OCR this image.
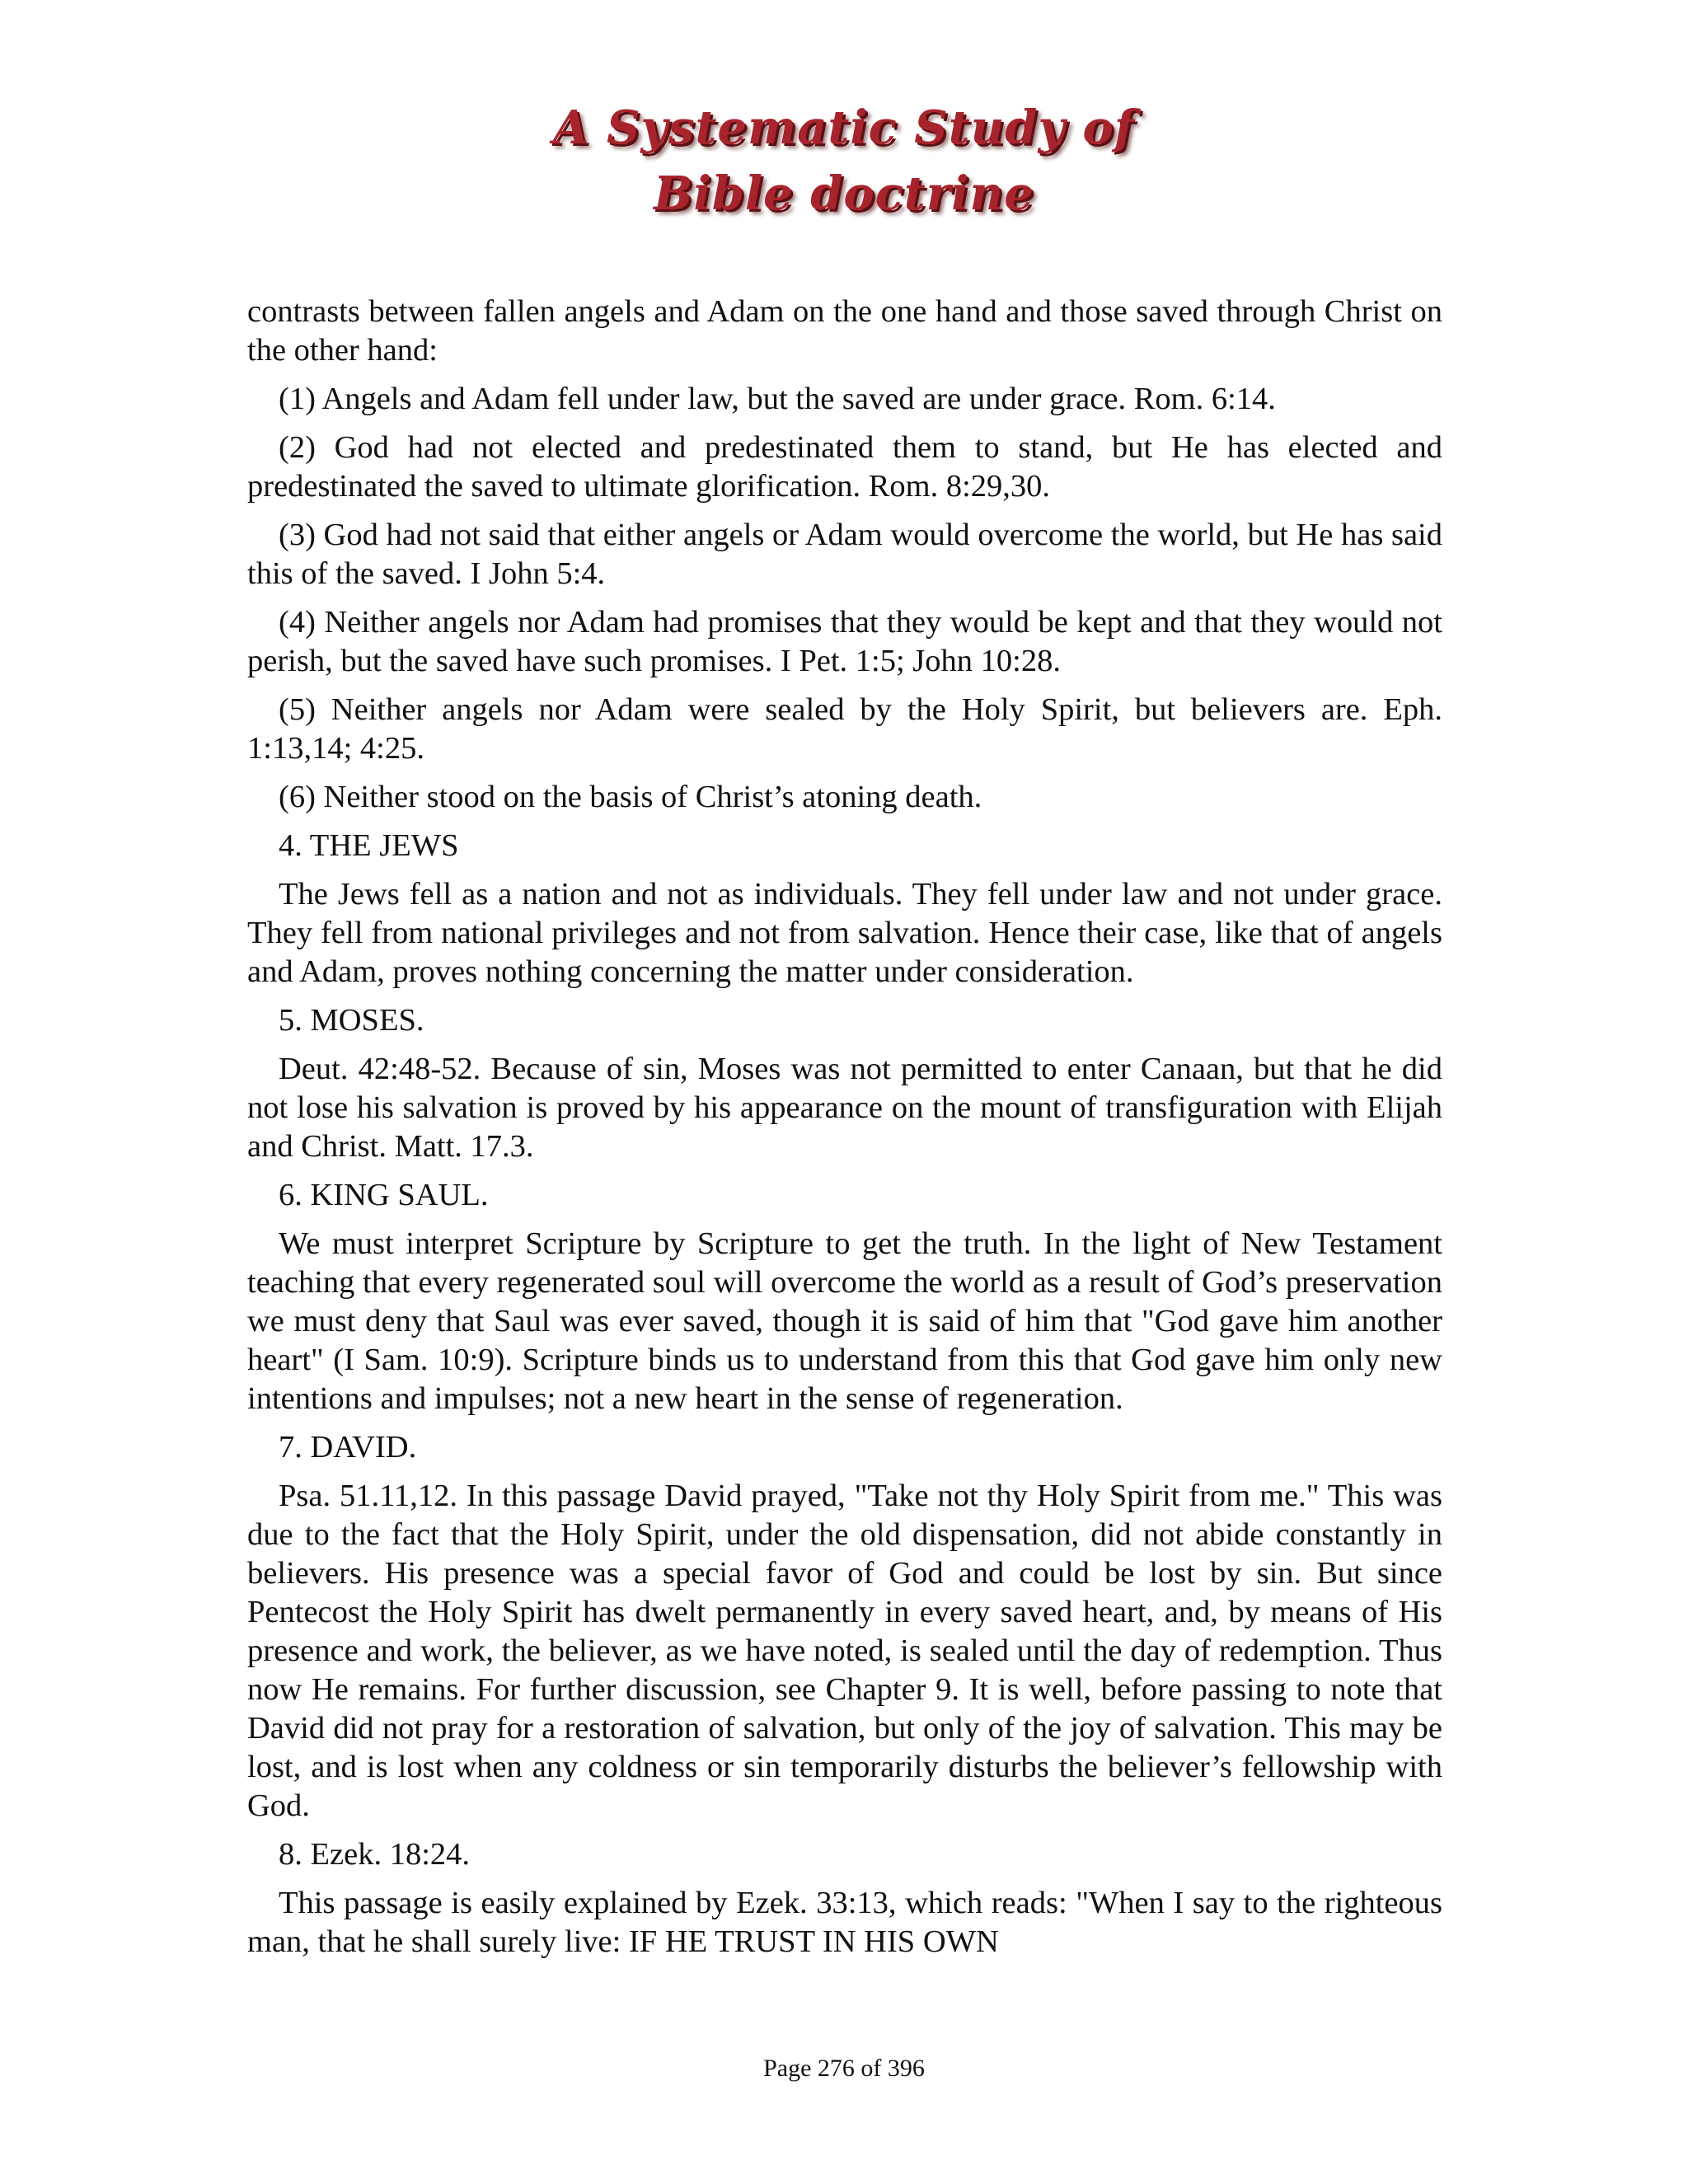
A Systematic Study of
Bible doctrine

contrasts between fallen angels and Adam on the one hand and those saved through Christ on the other hand:

(1) Angels and Adam fell under law, but the saved are under grace. Rom. 6:14.

(2) God had not elected and predestinated them to stand, but He has elected and predestinated the saved to ultimate glorification. Rom. 8:29,30.

(3) God had not said that either angels or Adam would overcome the world, but He has said this of the saved. I John 5:4.

(4) Neither angels nor Adam had promises that they would be kept and that they would not perish, but the saved have such promises. I Pet. 1:5; John 10:28.

(5) Neither angels nor Adam were sealed by the Holy Spirit, but believers are. Eph. 1:13,14; 4:25.

(6) Neither stood on the basis of Christ’s atoning death.

4. THE JEWS

The Jews fell as a nation and not as individuals. They fell under law and not under grace. They fell from national privileges and not from salvation. Hence their case, like that of angels and Adam, proves nothing concerning the matter under consideration.

5. MOSES.

Deut. 42:48-52. Because of sin, Moses was not permitted to enter Canaan, but that he did not lose his salvation is proved by his appearance on the mount of transfiguration with Elijah and Christ. Matt. 17.3.

6. KING SAUL.

We must interpret Scripture by Scripture to get the truth. In the light of New Testament teaching that every regenerated soul will overcome the world as a result of God’s preservation we must deny that Saul was ever saved, though it is said of him that "God gave him another heart" (I Sam. 10:9). Scripture binds us to understand from this that God gave him only new intentions and impulses; not a new heart in the sense of regeneration.

7. DAVID.

Psa. 51.11,12. In this passage David prayed, "Take not thy Holy Spirit from me." This was due to the fact that the Holy Spirit, under the old dispensation, did not abide constantly in believers. His presence was a special favor of God and could be lost by sin. But since Pentecost the Holy Spirit has dwelt permanently in every saved heart, and, by means of His presence and work, the believer, as we have noted, is sealed until the day of redemption. Thus now He remains. For further discussion, see Chapter 9. It is well, before passing to note that David did not pray for a restoration of salvation, but only of the joy of salvation. This may be lost, and is lost when any coldness or sin temporarily disturbs the believer’s fellowship with God.

8. Ezek. 18:24.

This passage is easily explained by Ezek. 33:13, which reads: "When I say to the righteous man, that he shall surely live: IF HE TRUST IN HIS OWN

Page 276 of 396
